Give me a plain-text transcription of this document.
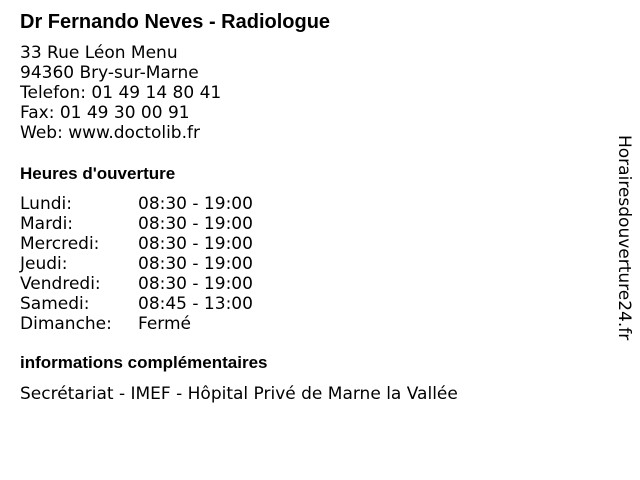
Dr Fernando Neves - Radiologue
33 Rue Léon Menu
94360 Bry-sur-Marne
Telefon: 01 49 14 80 41
Fax: 01 49 30 00 91
Web: www.doctolib.fr
Heures d'ouverture
Lundi:	08:30 - 19:00
Mardi:	08:30 - 19:00
Mercredi: 08:30 - 19:00
Jeudi:	08:30 - 19:00
Vendredi: 08:30 - 19:00
Samedi:	08:45 - 13:00
Dimanche: Fermé
informations complémentaires
Secrétariat - IMEF - Hôpital Privé de Marne la Vallée
Horairesdouverture24.fr
